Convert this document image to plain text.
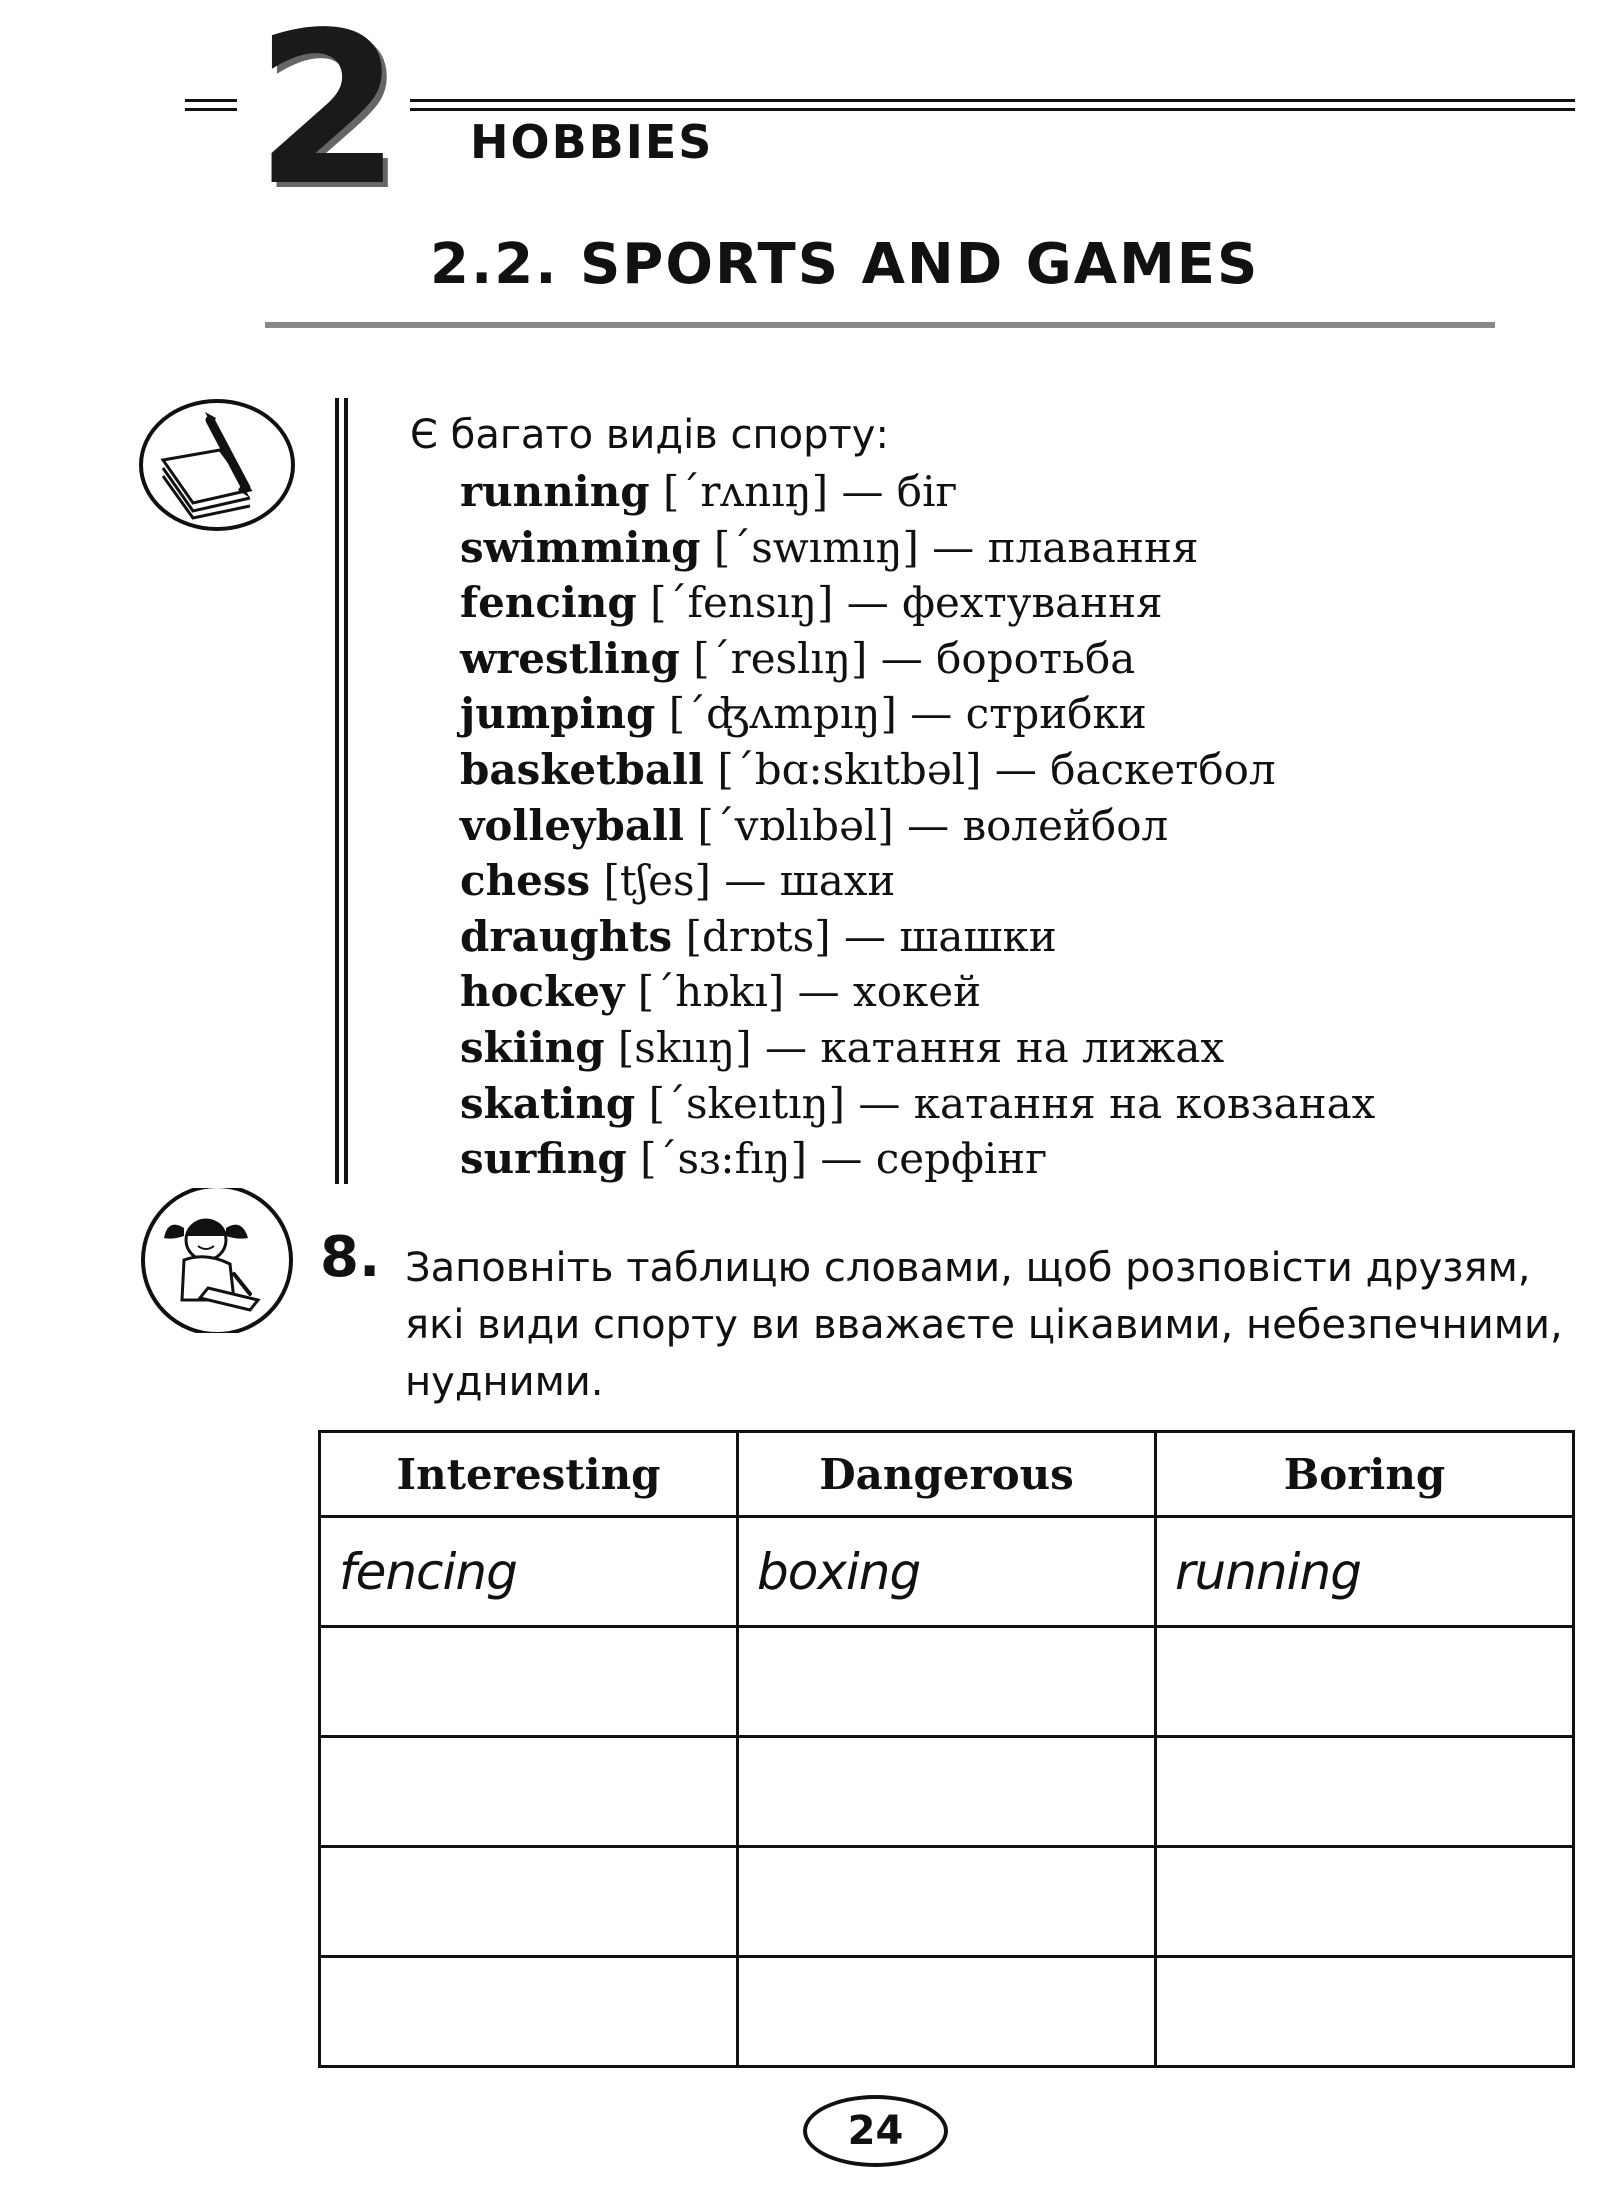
2	HOBBIES
2.2. SPORTS AND GAMES
Є багато видів спорту:
running [ˊrʌnıŋ] — біг
swimming [ˊswımıŋ] — плавання
fencing [ˊfensıŋ] — фехтування
wrestling [ˊreslıŋ] — боротьба
jumping [ˊʤʌmpıŋ] — стрибки
basketball [ˊbɑ:skıtbəl] — баскетбол
volleyball [ˊvɒlıbəl] — волейбол
chess [tʃes] — шахи
draughts [drɒts] — шашки
hockey [ˊhɒkı] — хокей
skiing [skııŋ] — катання на лижах
skating [ˊskeıtıŋ] — катання на ковзанах
surfing [ˊsɜ:fıŋ] — серфінг
8. Заповніть таблицю словами, щоб розповісти друзям, які види спорту ви вважаєте цікавими, небезпечними, нудними.
Interesting	Dangerous	Boring
fencing	boxing	running

24
